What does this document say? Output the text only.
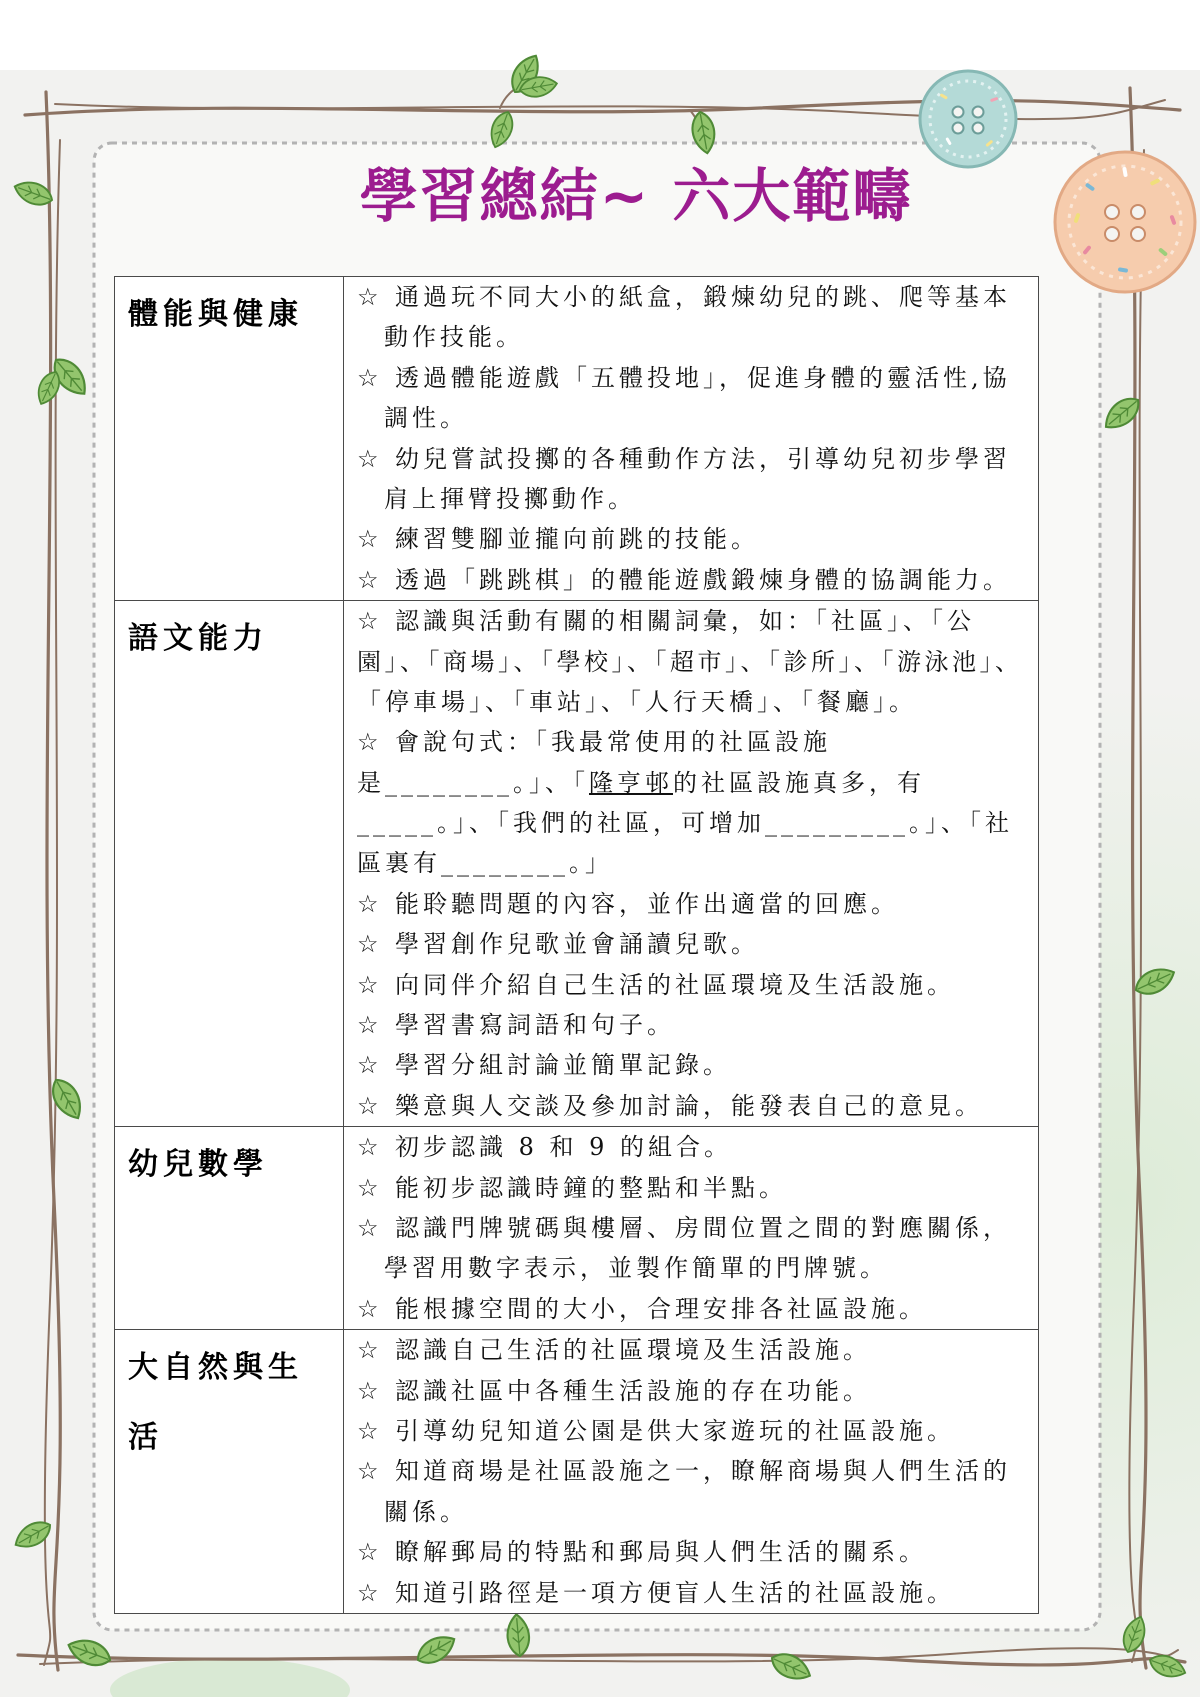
學習總結~ 六大範疇
體能與健康	☆ 通過玩不同大小的紙盒，鍛煉幼兒的跳、爬等基本
動作技能。
☆ 透過體能遊戲「五體投地」，促進身體的靈活性,協
調性。
☆ 幼兒嘗試投擲的各種動作方法，引導幼兒初步學習
肩上揮臂投擲動作。
☆ 練習雙腳並攏向前跳的技能。
☆ 透過「跳跳棋」的體能遊戲鍛煉身體的協調能力。
語文能力	☆ 認識與活動有關的相關詞彙，如：「社區」、「公
園」、「商場」、「學校」、「超市」、「診所」、「游泳池」、
「停車場」、「車站」、「人行天橋」、「餐廳」。
☆ 會說句式：「我最常使用的社區設施
是________。」、「隆亨邨的社區設施真多，有
_____。」、「我們的社區，可增加_________。」、「社
區裏有________。」
☆ 能聆聽問題的內容，並作出適當的回應。
☆ 學習創作兒歌並會誦讀兒歌。
☆ 向同伴介紹自己生活的社區環境及生活設施。
☆ 學習書寫詞語和句子。
☆ 學習分組討論並簡單記錄。
☆ 樂意與人交談及參加討論，能發表自己的意見。
幼兒數學	☆ 初步認識 8 和 9 的組合。
☆ 能初步認識時鐘的整點和半點。
☆ 認識門牌號碼與樓層、房間位置之間的對應關係，
學習用數字表示，並製作簡單的門牌號。
☆ 能根據空間的大小，合理安排各社區設施。
大自然與生
活
☆ 認識自己生活的社區環境及生活設施。
☆ 認識社區中各種生活設施的存在功能。
☆ 引導幼兒知道公園是供大家遊玩的社區設施。
☆ 知道商場是社區設施之一，瞭解商場與人們生活的
關係。
☆ 瞭解郵局的特點和郵局與人們生活的關系。
☆ 知道引路徑是一項方便盲人生活的社區設施。
